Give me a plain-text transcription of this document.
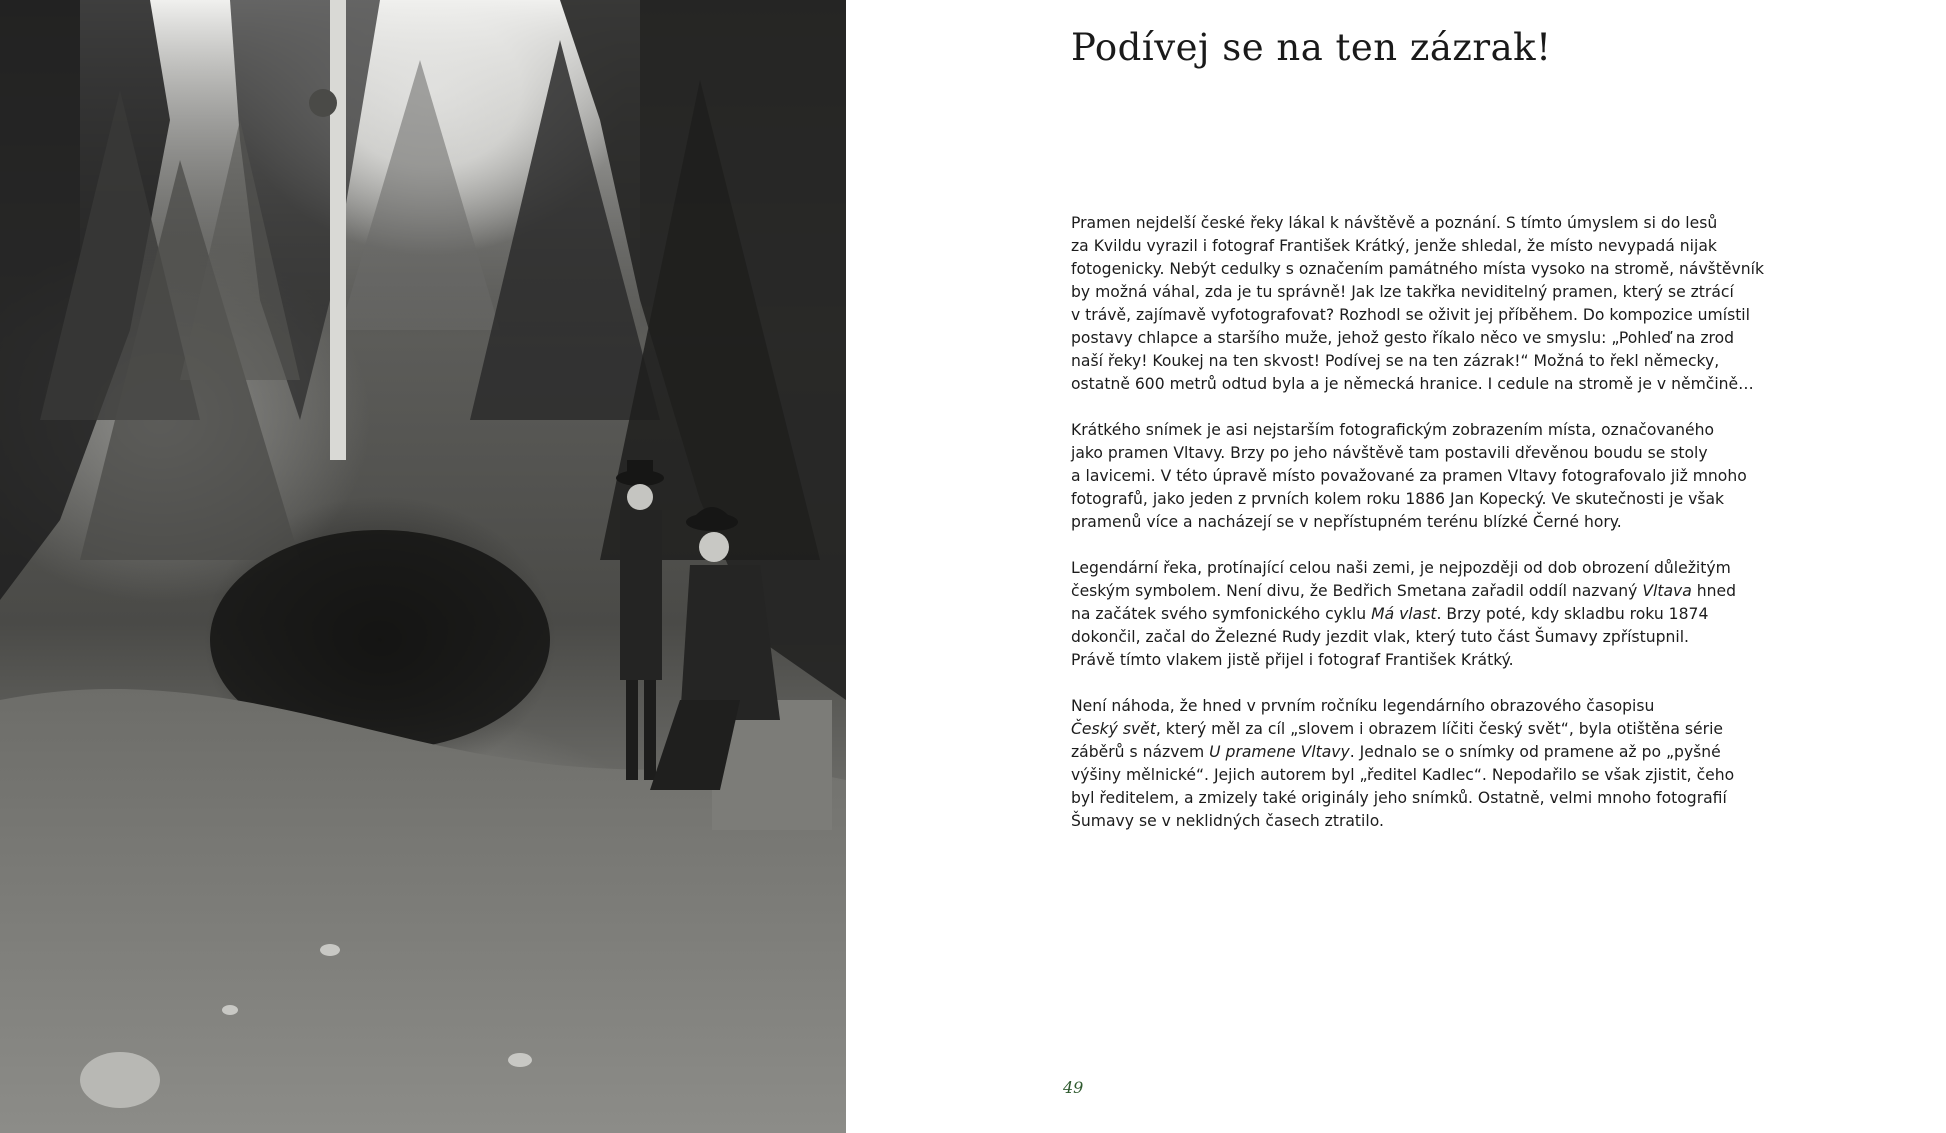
Podívej se na ten zázrak!
Pramen nejdelší české řeky lákal k návštěvě a poznání. S tímto úmyslem si do lesů
za Kvildu vyrazil i fotograf František Krátký, jenže shledal, že místo nevypadá nijak
fotogenicky. Nebýt cedulky s označením památného místa vysoko na stromě, návštěvník
by možná váhal, zda je tu správně! Jak lze takřka neviditelný pramen, který se ztrácí
v trávě, zajímavě vyfotografovat? Rozhodl se oživit jej příběhem. Do kompozice umístil
postavy chlapce a staršího muže, jehož gesto říkalo něco ve smyslu: „Pohleď na zrod
naší řeky! Koukej na ten skvost! Podívej se na ten zázrak!“ Možná to řekl německy,
ostatně 600 metrů odtud byla a je německá hranice. I cedule na stromě je v němčině…
Krátkého snímek je asi nejstarším fotografickým zobrazením místa, označovaného
jako pramen Vltavy. Brzy po jeho návštěvě tam postavili dřevěnou boudu se stoly
a lavicemi. V této úpravě místo považované za pramen Vltavy fotografovalo již mnoho
fotografů, jako jeden z prvních kolem roku 1886 Jan Kopecký. Ve skutečnosti je však
pramenů více a nacházejí se v nepřístupném terénu blízké Černé hory.
Legendární řeka, protínající celou naši zemi, je nejpozději od dob obrození důležitým
českým symbolem. Není divu, že Bedřich Smetana zařadil oddíl nazvaný Vltava hned
na začátek svého symfonického cyklu Má vlast. Brzy poté, kdy skladbu roku 1874
dokončil, začal do Železné Rudy jezdit vlak, který tuto část Šumavy zpřístupnil.
Právě tímto vlakem jistě přijel i fotograf František Krátký.
Není náhoda, že hned v prvním ročníku legendárního obrazového časopisu
Český svět, který měl za cíl „slovem i obrazem líčiti český svět“, byla otištěna série
záběrů s názvem U pramene Vltavy. Jednalo se o snímky od pramene až po „pyšné
výšiny mělnické“. Jejich autorem byl „ředitel Kadlec“. Nepodařilo se však zjistit, čeho
byl ředitelem, a zmizely také originály jeho snímků. Ostatně, velmi mnoho fotografií
Šumavy se v neklidných časech ztratilo.
49
